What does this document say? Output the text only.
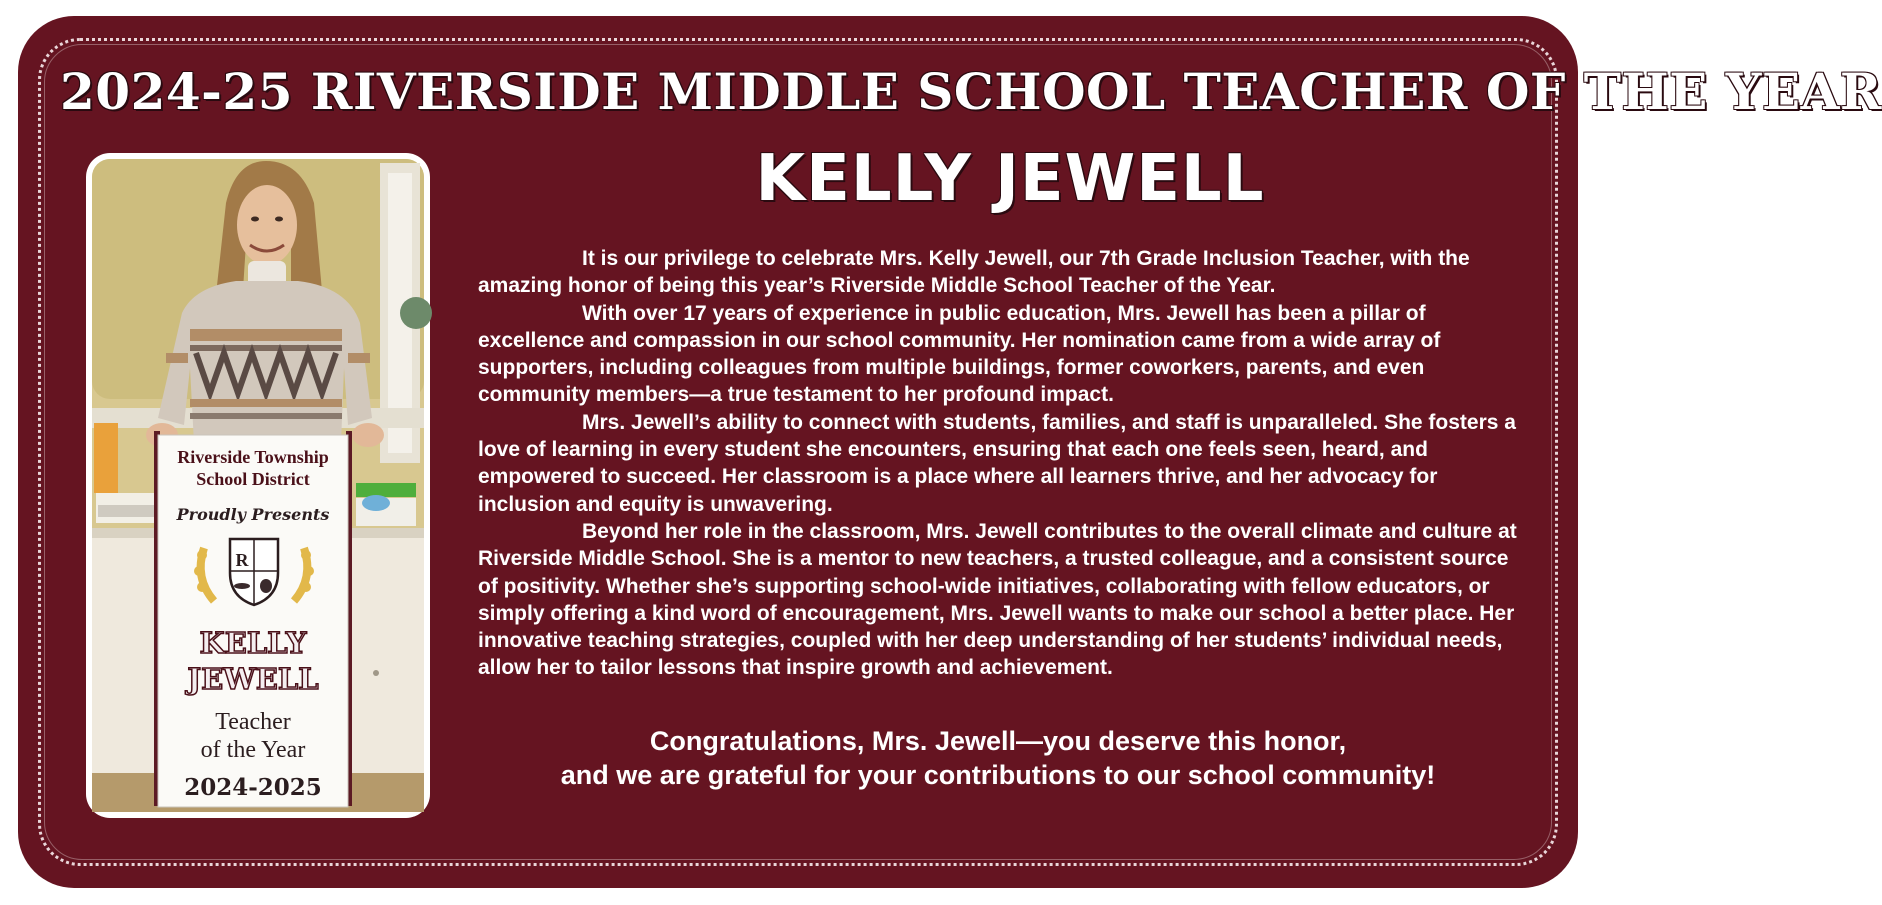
2024-25 RIVERSIDE MIDDLE SCHOOL TEACHER OF THE YEAR
KELLY JEWELL
Riverside Township
School District
Proudly Presents
R
KELLY
JEWELL
Teacher
of the Year
2024-2025

It is our privilege to celebrate Mrs. Kelly Jewell, our 7th Grade Inclusion Teacher, with the amazing honor of being this year’s Riverside Middle School Teacher of the Year.

With over 17 years of experience in public education, Mrs. Jewell has been a pillar of excellence and compassion in our school community. Her nomination came from a wide array of supporters, including colleagues from multiple buildings, former coworkers, parents, and even community members—a true testament to her profound impact.

Mrs. Jewell’s ability to connect with students, families, and staff is unparalleled. She fosters a love of learning in every student she encounters, ensuring that each one feels seen, heard, and empowered to succeed. Her classroom is a place where all learners thrive, and her advocacy for inclusion and equity is unwavering.

Beyond her role in the classroom, Mrs. Jewell contributes to the overall climate and culture at Riverside Middle School. She is a mentor to new teachers, a trusted colleague, and a consistent source of positivity. Whether she’s supporting school-wide initiatives, collaborating with fellow educators, or simply offering a kind word of encouragement, Mrs. Jewell wants to make our school a better place. Her innovative teaching strategies, coupled with her deep understanding of her students’ individual needs, allow her to tailor lessons that inspire growth and achievement.

Congratulations, Mrs. Jewell—you deserve this honor,
and we are grateful for your contributions to our school community!
